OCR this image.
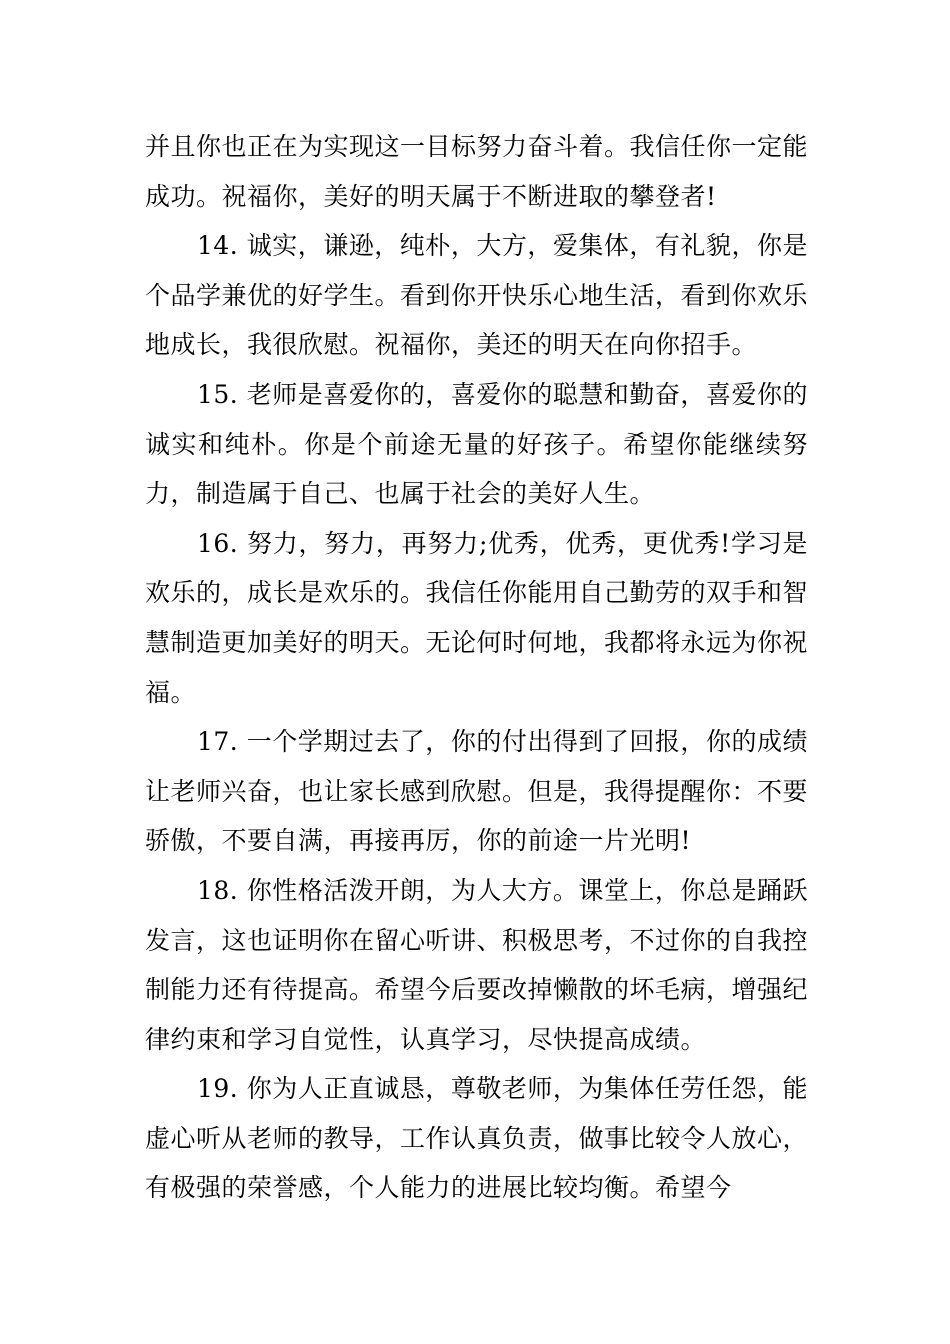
并且你也正在为实现这一目标努力奋斗着。我信任你一定能成功。祝福你，美好的明天属于不断进取的攀登者!

14. 诚实，谦逊，纯朴，大方，爱集体，有礼貌，你是个品学兼优的好学生。看到你开快乐心地生活，看到你欢乐地成长，我很欣慰。祝福你，美还的明天在向你招手。

15. 老师是喜爱你的，喜爱你的聪慧和勤奋，喜爱你的诚实和纯朴。你是个前途无量的好孩子。希望你能继续努力，制造属于自己、也属于社会的美好人生。

16. 努力，努力，再努力;优秀，优秀，更优秀!学习是欢乐的，成长是欢乐的。我信任你能用自己勤劳的双手和智慧制造更加美好的明天。无论何时何地，我都将永远为你祝福。

17. 一个学期过去了，你的付出得到了回报，你的成绩让老师兴奋，也让家长感到欣慰。但是，我得提醒你：不要骄傲，不要自满，再接再厉，你的前途一片光明!

18. 你性格活泼开朗，为人大方。课堂上，你总是踊跃发言，这也证明你在留心听讲、积极思考，不过你的自我控制能力还有待提高。希望今后要改掉懒散的坏毛病，增强纪律约束和学习自觉性，认真学习，尽快提高成绩。

19. 你为人正直诚恳，尊敬老师，为集体任劳任怨，能虚心听从老师的教导，工作认真负责，做事比较令人放心，有极强的荣誉感，个人能力的进展比较均衡。希望今
